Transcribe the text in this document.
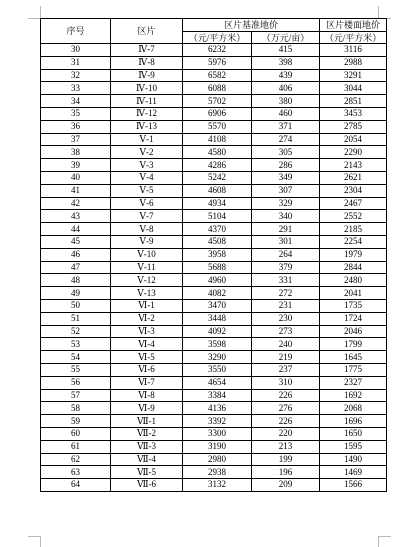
序号	区片	区片基准地价		区片楼面地价
		（元/平方米）	（万元/亩）	（元/平方米）
30	Ⅳ-7	6232	415	3116
31	Ⅳ-8	5976	398	2988
32	Ⅳ-9	6582	439	3291
33	Ⅳ-10	6088	406	3044
34	Ⅳ-11	5702	380	2851
35	Ⅳ-12	6906	460	3453
36	Ⅳ-13	5570	371	2785
37	Ⅴ-1	4108	274	2054
38	Ⅴ-2	4580	305	2290
39	Ⅴ-3	4286	286	2143
40	Ⅴ-4	5242	349	2621
41	Ⅴ-5	4608	307	2304
42	Ⅴ-6	4934	329	2467
43	Ⅴ-7	5104	340	2552
44	Ⅴ-8	4370	291	2185
45	Ⅴ-9	4508	301	2254
46	Ⅴ-10	3958	264	1979
47	Ⅴ-11	5688	379	2844
48	Ⅴ-12	4960	331	2480
49	Ⅴ-13	4082	272	2041
50	Ⅵ-1	3470	231	1735
51	Ⅵ-2	3448	230	1724
52	Ⅵ-3	4092	273	2046
53	Ⅵ-4	3598	240	1799
54	Ⅵ-5	3290	219	1645
55	Ⅵ-6	3550	237	1775
56	Ⅵ-7	4654	310	2327
57	Ⅵ-8	3384	226	1692
58	Ⅵ-9	4136	276	2068
59	Ⅶ-1	3392	226	1696
60	Ⅶ-2	3300	220	1650
61	Ⅶ-3	3190	213	1595
62	Ⅶ-4	2980	199	1490
63	Ⅶ-5	2938	196	1469
64	Ⅶ-6	3132	209	1566
